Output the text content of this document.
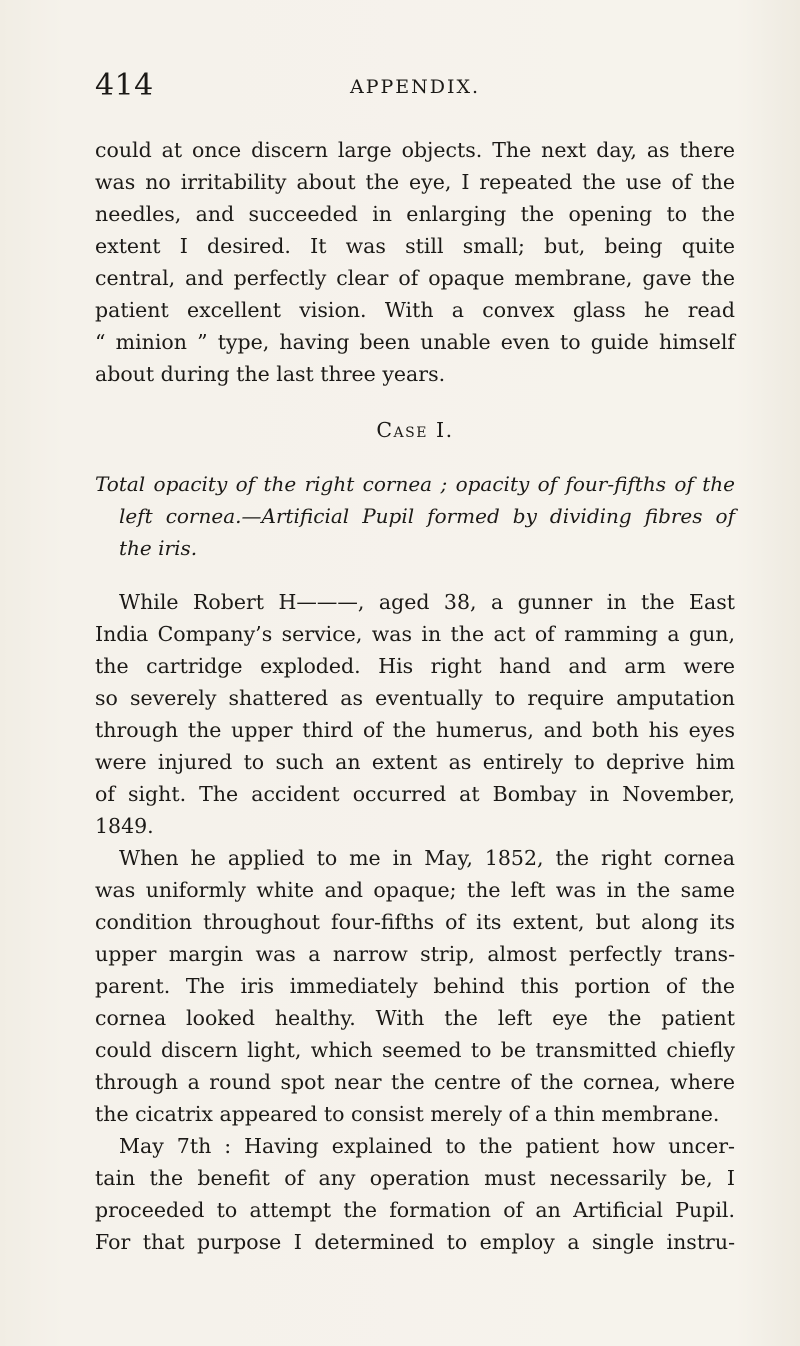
414	APPENDIX.
could at once discern large objects. The next day, as there
was no irritability about the eye, I repeated the use of the
needles, and succeeded in enlarging the opening to the
extent I desired. It was still small; but, being quite
central, and perfectly clear of opaque membrane, gave the
patient excellent vision. With a convex glass he read
“ minion ” type, having been unable even to guide himself
about during the last three years.
Case I.
Total opacity of the right cornea ; opacity of four-fifths of the
left cornea.—Artificial Pupil formed by dividing fibres of
the iris.
While Robert H———, aged 38, a gunner in the East
India Company’s service, was in the act of ramming a gun,
the cartridge exploded. His right hand and arm were
so severely shattered as eventually to require amputation
through the upper third of the humerus, and both his eyes
were injured to such an extent as entirely to deprive him
of sight. The accident occurred at Bombay in November,
1849.
When he applied to me in May, 1852, the right cornea
was uniformly white and opaque; the left was in the same
condition throughout four-fifths of its extent, but along its
upper margin was a narrow strip, almost perfectly trans-
parent. The iris immediately behind this portion of the
cornea looked healthy. With the left eye the patient
could discern light, which seemed to be transmitted chiefly
through a round spot near the centre of the cornea, where
the cicatrix appeared to consist merely of a thin membrane.
May 7th : Having explained to the patient how uncer-
tain the benefit of any operation must necessarily be, I
proceeded to attempt the formation of an Artificial Pupil.
For that purpose I determined to employ a single instru-
